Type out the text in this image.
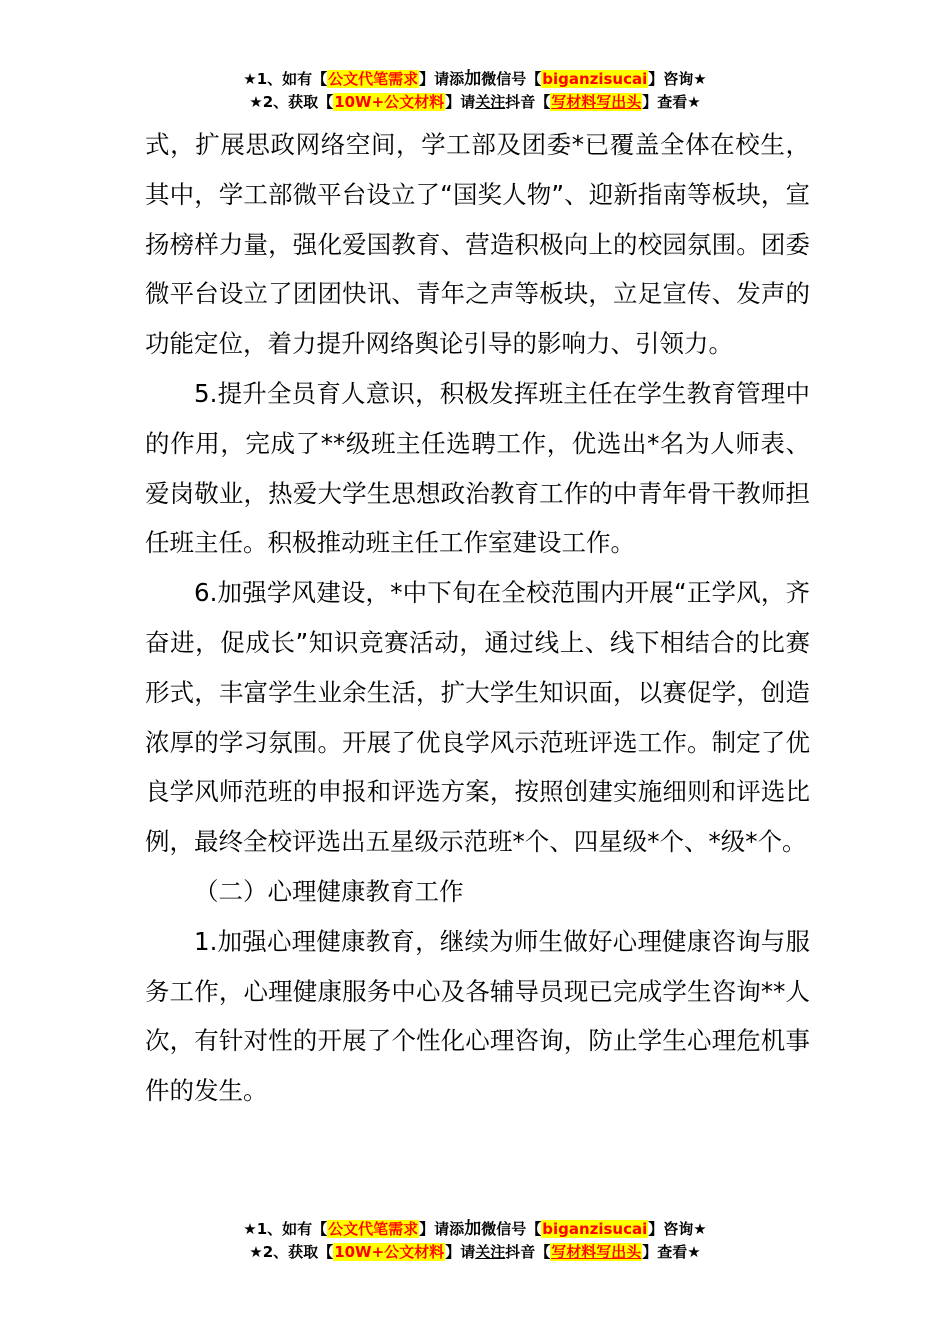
★1、如有【公文代笔需求】请添加微信号【biganzisucai】咨询★
★2、获取【10W+公文材料】请关注抖音【写材料写出头】查看★

式，扩展思政网络空间，学工部及团委*已覆盖全体在校生，其中，学工部微平台设立了“国奖人物”、迎新指南等板块，宣扬榜样力量，强化爱国教育、营造积极向上的校园氛围。团委微平台设立了团团快讯、青年之声等板块，立足宣传、发声的功能定位，着力提升网络舆论引导的影响力、引领力。

5.提升全员育人意识，积极发挥班主任在学生教育管理中的作用，完成了**级班主任选聘工作，优选出*名为人师表、爱岗敬业，热爱大学生思想政治教育工作的中青年骨干教师担任班主任。积极推动班主任工作室建设工作。

6.加强学风建设，*中下旬在全校范围内开展“正学风，齐奋进，促成长”知识竞赛活动，通过线上、线下相结合的比赛形式，丰富学生业余生活，扩大学生知识面，以赛促学，创造浓厚的学习氛围。开展了优良学风示范班评选工作。制定了优良学风师范班的申报和评选方案，按照创建实施细则和评选比例，最终全校评选出五星级示范班*个、四星级*个、*级*个。

（二）心理健康教育工作

1.加强心理健康教育，继续为师生做好心理健康咨询与服务工作，心理健康服务中心及各辅导员现已完成学生咨询**人次，有针对性的开展了个性化心理咨询，防止学生心理危机事件的发生。

★1、如有【公文代笔需求】请添加微信号【biganzisucai】咨询★
★2、获取【10W+公文材料】请关注抖音【写材料写出头】查看★
